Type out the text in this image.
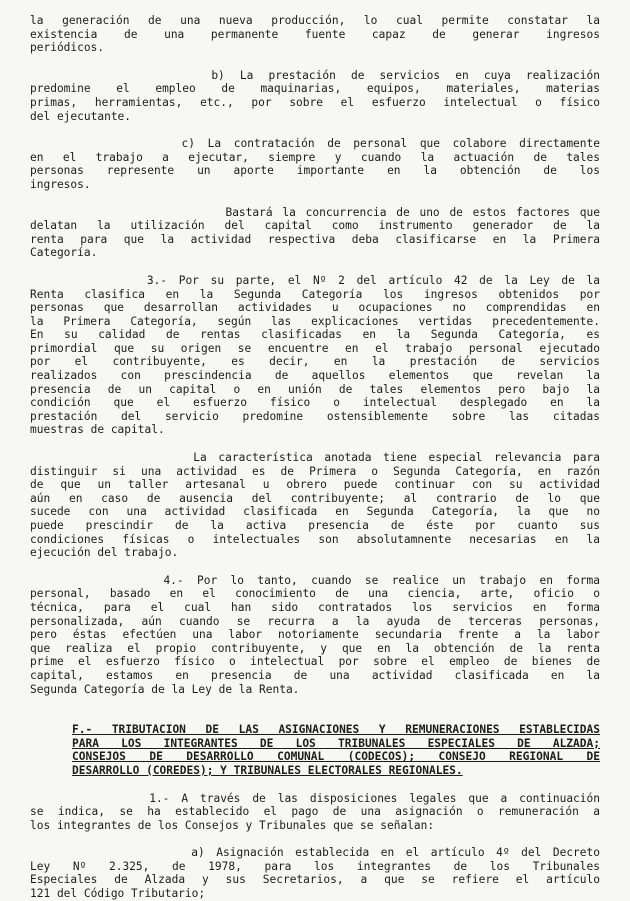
la generación de una nueva producción, lo cual permite constatar la
existencia de una permanente fuente capaz de generar ingresos
periódicos.
b) La prestación de servicios en cuya realización
predomine el empleo de maquinarias, equipos, materiales, materias
primas, herramientas, etc., por sobre el esfuerzo intelectual o físico
del ejecutante.
c) La contratación de personal que colabore directamente
en el trabajo a ejecutar, siempre y cuando la actuación de tales
personas represente un aporte importante en la obtención de los
ingresos.
Bastará la concurrencia de uno de estos factores que
delatan la utilización del capital como instrumento generador de la
renta para que la actividad respectiva deba clasificarse en la Primera
Categoría.
3.- Por su parte, el Nº 2 del artículo 42 de la Ley de la
Renta clasifica en la Segunda Categoría los ingresos obtenidos por
personas que desarrollan actividades u ocupaciones no comprendidas en
la Primera Categoría, según las explicaciones vertidas precedentemente.
En su calidad de rentas clasificadas en la Segunda Categoría, es
primordial que su origen se encuentre en el trabajo personal ejecutado
por el contribuyente, es decir, en la prestación de servicios
realizados con prescindencia de aquellos elementos que revelan la
presencia de un capital o en unión de tales elementos pero bajo la
condición que el esfuerzo físico o intelectual desplegado en la
prestación del servicio predomine ostensiblemente sobre las citadas
muestras de capital.
La característica anotada tiene especial relevancia para
distinguir si una actividad es de Primera o Segunda Categoría, en razón
de que un taller artesanal u obrero puede continuar con su actividad
aún en caso de ausencia del contribuyente; al contrario de lo que
sucede con una actividad clasificada en Segunda Categoría, la que no
puede prescindir de la activa presencia de éste por cuanto sus
condiciones físicas o intelectuales son absolutamnente necesarias en la
ejecución del trabajo.
4.- Por lo tanto, cuando se realice un trabajo en forma
personal, basado en el conocimiento de una ciencia, arte, oficio o
técnica, para el cual han sido contratados los servicios en forma
personalizada, aún cuando se recurra a la ayuda de terceras personas,
pero éstas efectúen una labor notoriamente secundaria frente a la labor
que realiza el propio contribuyente, y que en la obtención de la renta
prime el esfuerzo físico o intelectual por sobre el empleo de bienes de
capital, estamos en presencia de una actividad clasificada en la
Segunda Categoría de la Ley de la Renta.
F.- TRIBUTACION DE LAS ASIGNACIONES Y REMUNERACIONES ESTABLECIDAS
PARA LOS INTEGRANTES DE LOS TRIBUNALES ESPECIALES DE ALZADA;
CONSEJOS DE DESARROLLO COMUNAL (CODECOS); CONSEJO REGIONAL DE
DESARROLLO (COREDES); Y TRIBUNALES ELECTORALES REGIONALES.
1.- A través de las disposiciones legales que a continuación
se indica, se ha establecido el pago de una asignación o remuneración a
los integrantes de los Consejos y Tribunales que se señalan:
a) Asignación establecida en el artículo 4º del Decreto
Ley Nº 2.325, de 1978, para los integrantes de los Tribunales
Especiales de Alzada y sus Secretarios, a que se refiere el artículo
121 del Código Tributario;
